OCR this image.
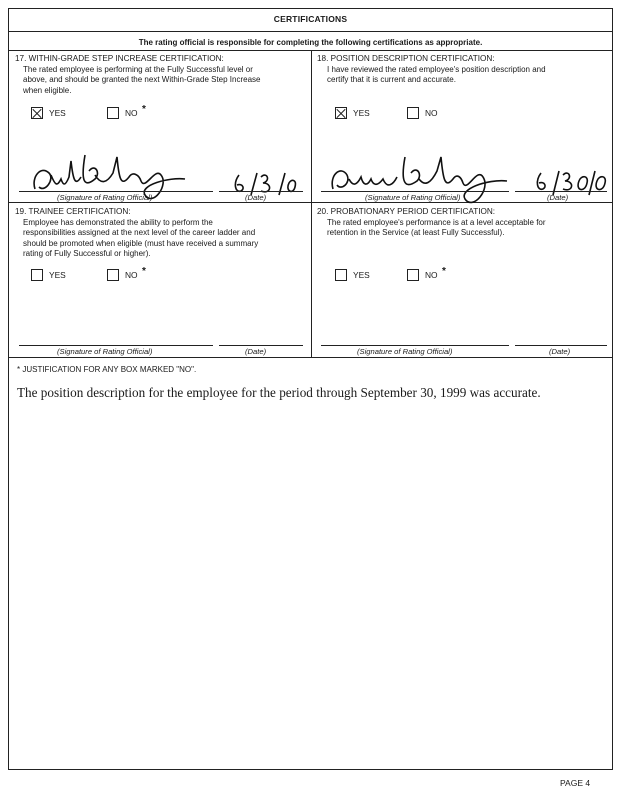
CERTIFICATIONS
The rating official is responsible for completing the following certifications as appropriate.
17. WITHIN-GRADE STEP INCREASE CERTIFICATION:
The rated employee is performing at the Fully Successful level or
above, and should be granted the next Within-Grade Step Increase
when eligible.
YES	NO *
(Signature of Rating Official)	(Date)
18. POSITION DESCRIPTION CERTIFICATION:
I have reviewed the rated employee's position description and
certify that it is current and accurate.
YES	NO
(Signature of Rating Official)	(Date)
19. TRAINEE CERTIFICATION:
Employee has demonstrated the ability to perform the
responsibilities assigned at the next level of the career ladder and
should be promoted when eligible (must have received a summary
rating of Fully Successful or higher).
YES	NO *
(Signature of Rating Official)	(Date)
20. PROBATIONARY PERIOD CERTIFICATION:
The rated employee's performance is at a level acceptable for
retention in the Service (at least Fully Successful).
YES	NO *
(Signature of Rating Official)	(Date)
* JUSTIFICATION FOR ANY BOX MARKED "NO".
The position description for the employee for the period through September 30, 1999 was accurate.
PAGE 4
